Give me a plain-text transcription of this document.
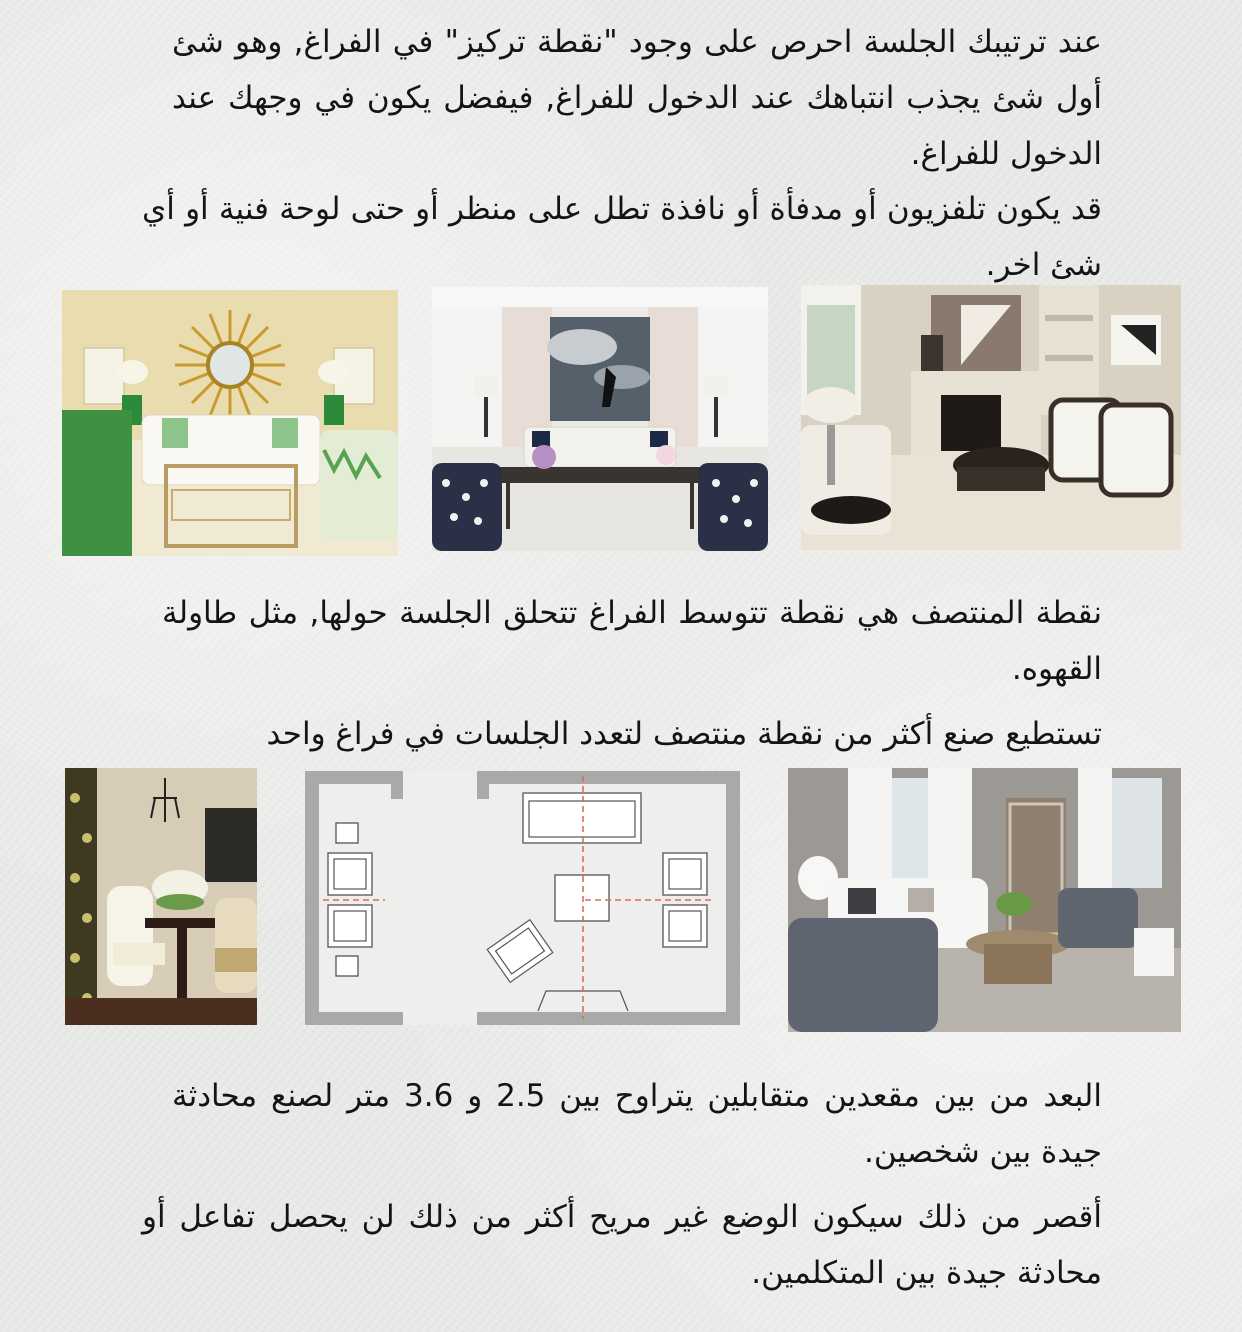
عند ترتيبك الجلسة احرص على وجود "نقطة تركيز" في الفراغ, وهو شئ أول شئ يجذب انتباهك عند الدخول للفراغ, فيفضل يكون في وجهك عند الدخول للفراغ.

قد يكون تلفزيون أو مدفأة أو نافذة تطل على منظر أو حتى لوحة فنية أو أي شئ اخر.

نقطة المنتصف هي نقطة تتوسط الفراغ تتحلق الجلسة حولها, مثل طاولة القهوه.

تستطيع صنع أكثر من نقطة منتصف لتعدد الجلسات في فراغ واحد

البعد من بين مقعدين متقابلين يتراوح بين 2.5 و 3.6 متر لصنع محادثة جيدة بين شخصين.

أقصر من ذلك سيكون الوضع غير مريح أكثر من ذلك لن يحصل تفاعل أو محادثة جيدة بين المتكلمين.
